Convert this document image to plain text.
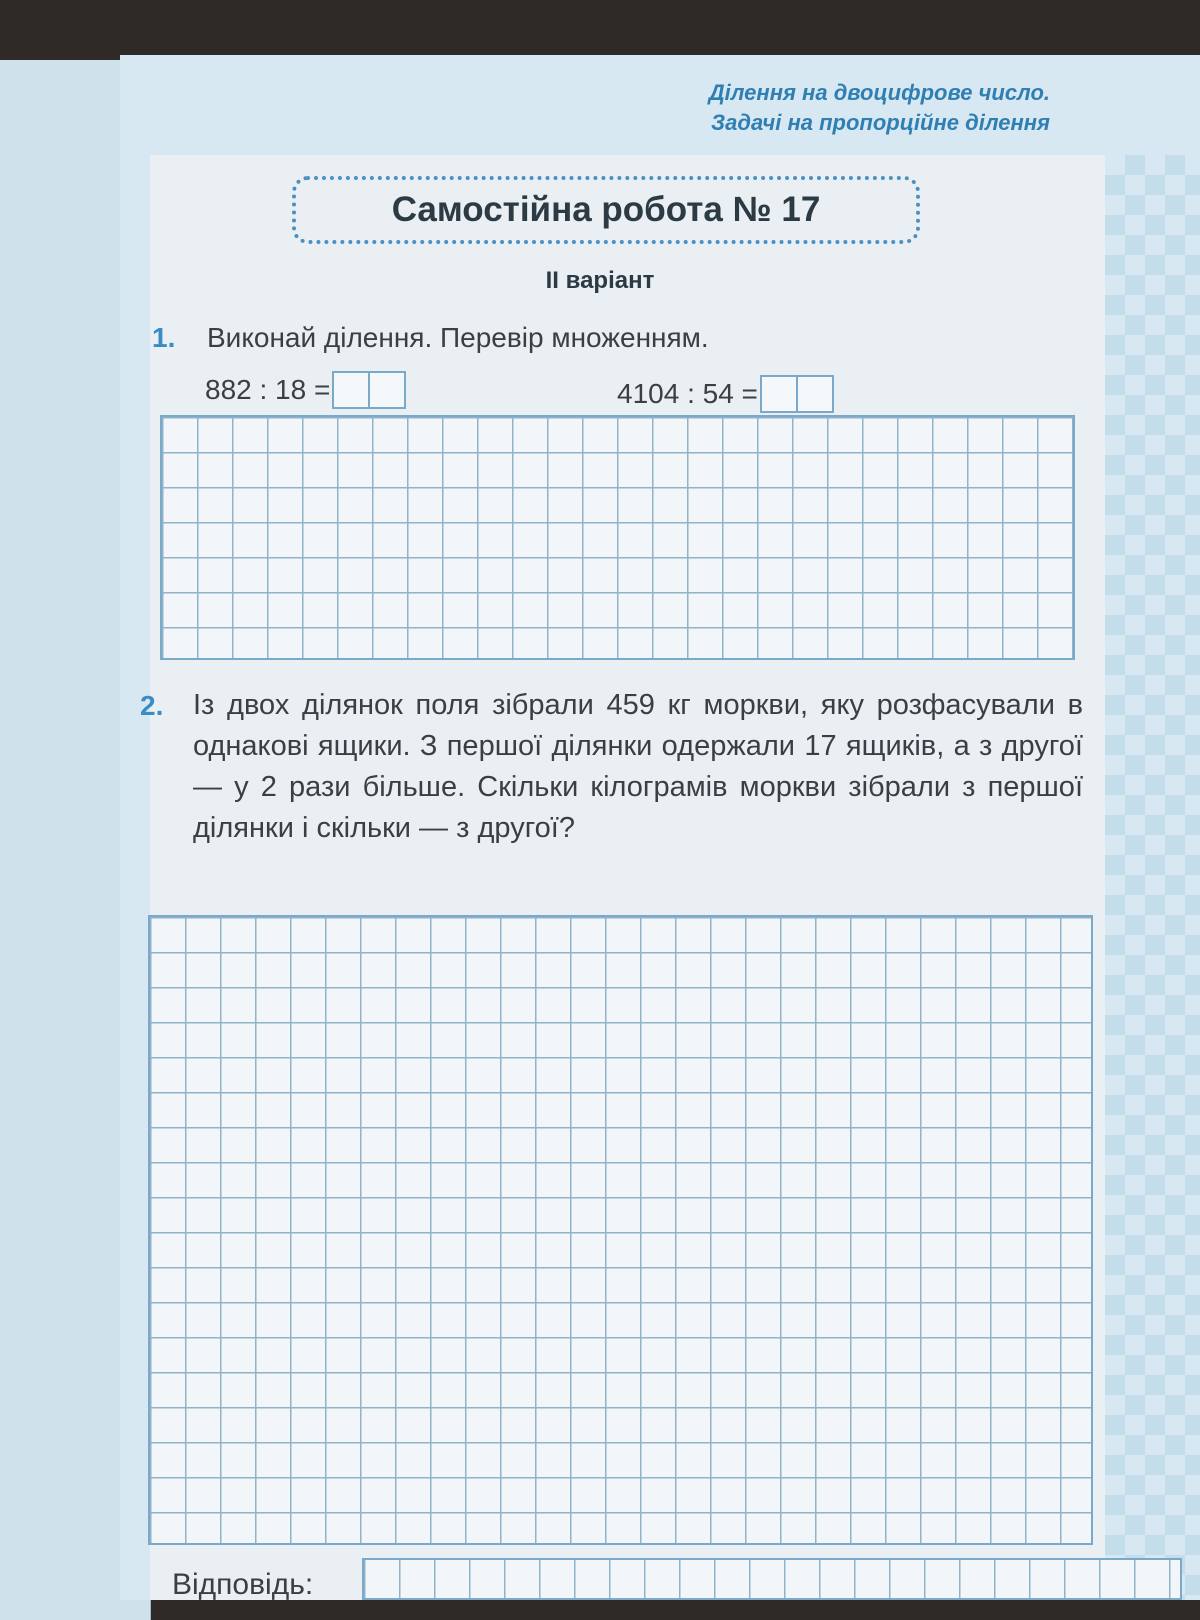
Ділення на двоцифрове число.
Задачі на пропорційне ділення
Самостійна робота № 17
ІІ варіант
1. Виконай ділення. Перевір множенням.
882 : 18 =	4104 : 54 =
2. Із двох ділянок поля зібрали 459 кг моркви, яку розфасували в однакові ящики. З першої ділянки одержали 17 ящиків, а з другої — у 2 рази більше. Скільки кілограмів моркви зібрали з першої ділянки і скільки — з другої?
Відповідь:
